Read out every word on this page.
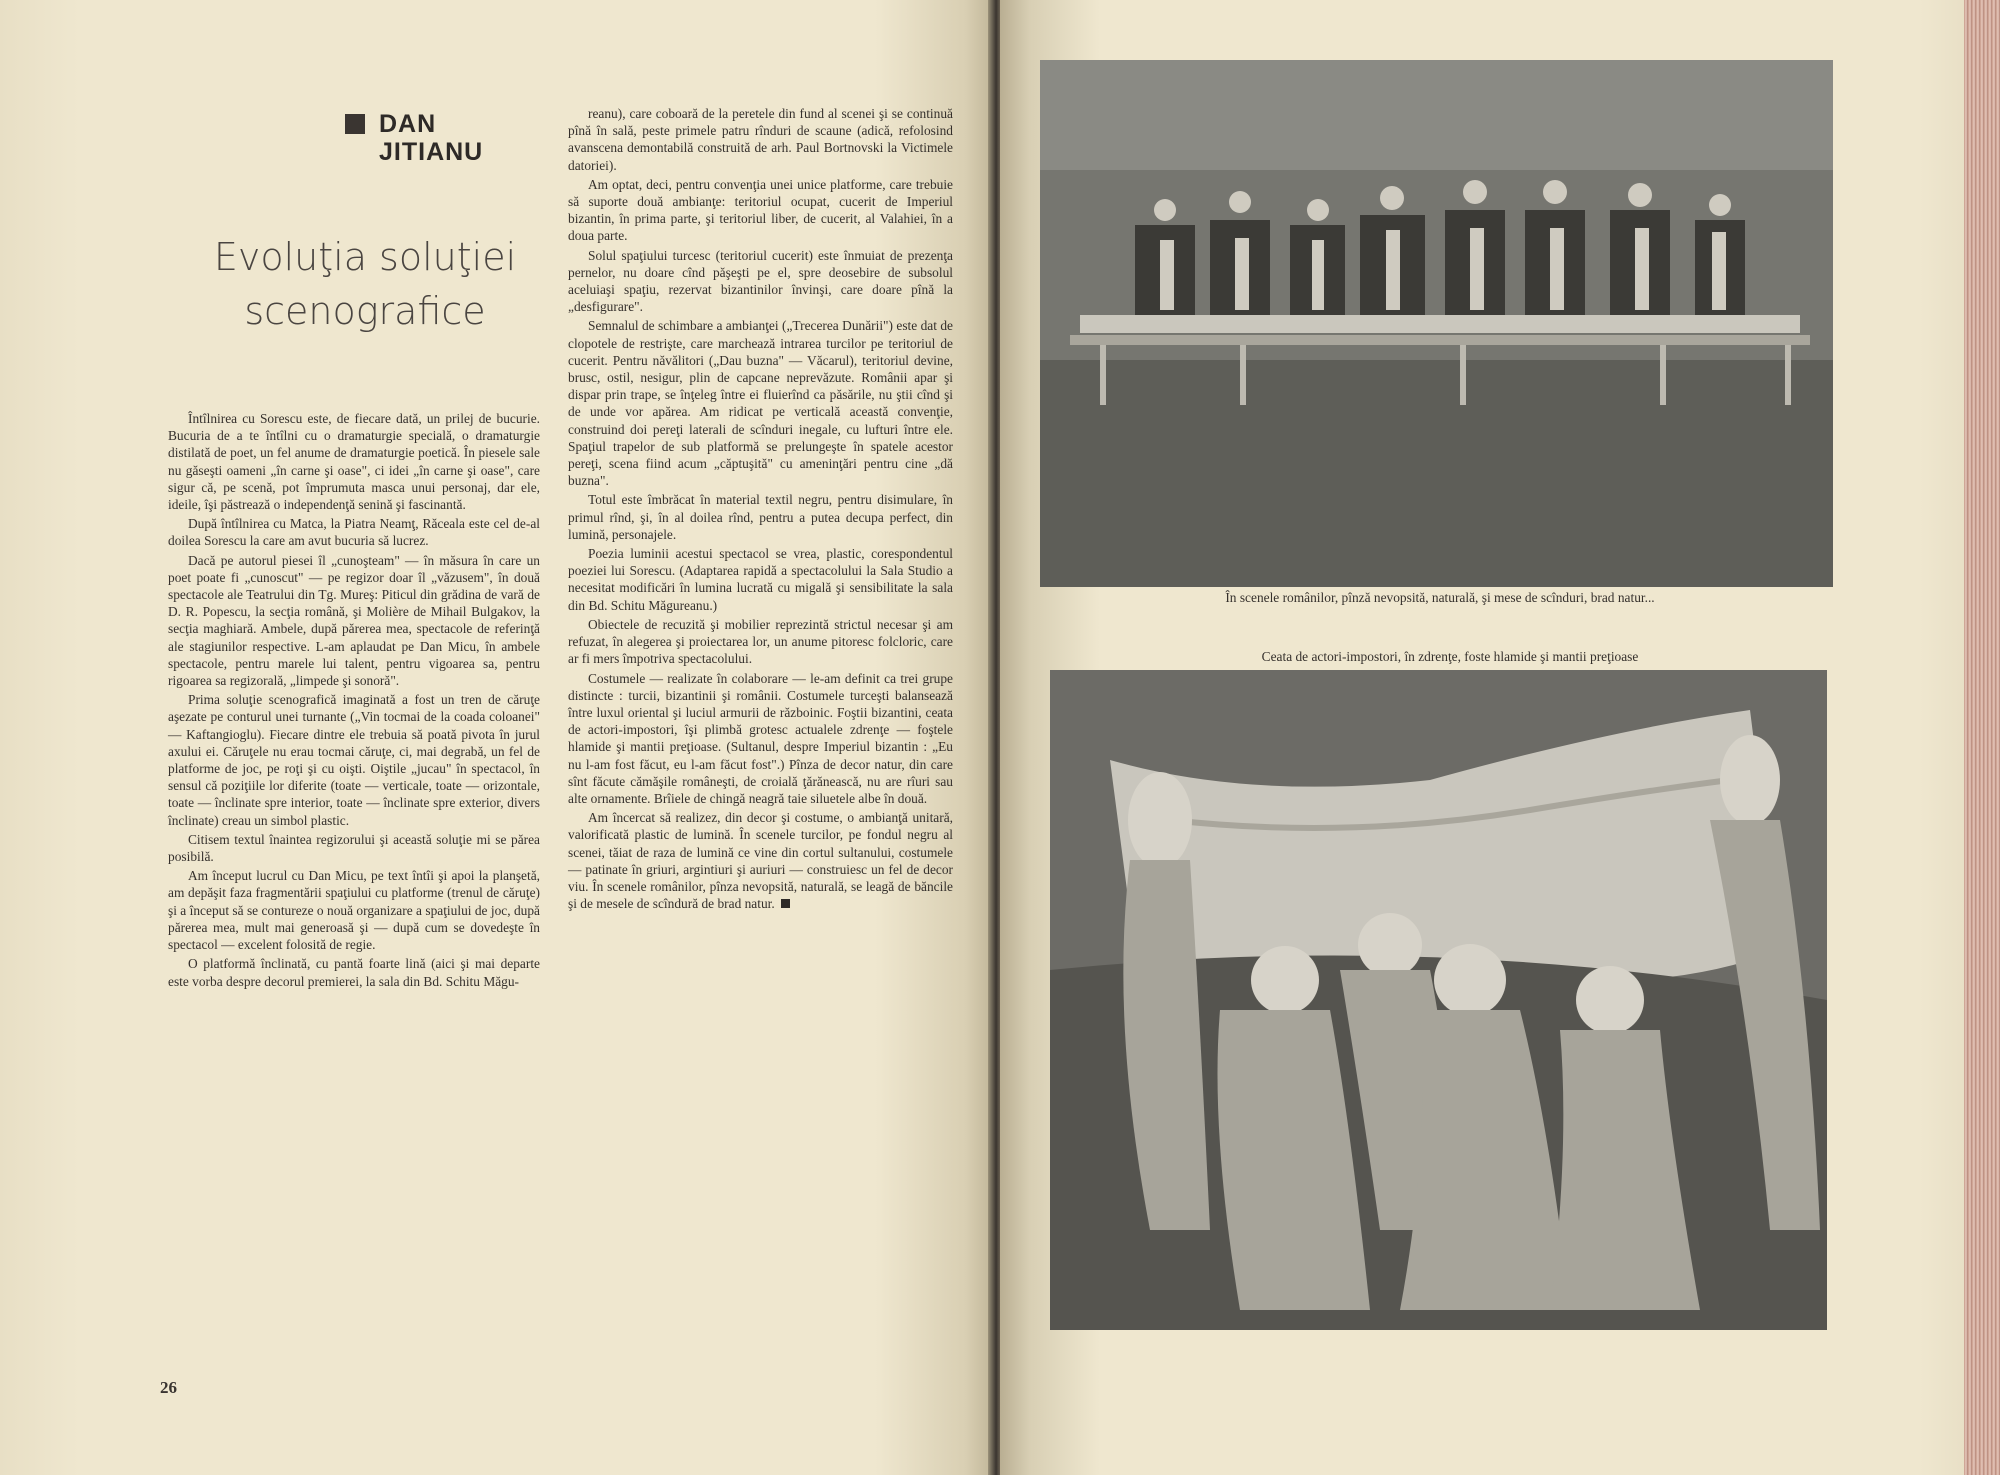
DAN
JITIANU
Evoluţia soluţiei
scenografice

Întîlnirea cu Sorescu este, de fiecare dată, un prilej de bucurie. Bucuria de a te întîlni cu o dramaturgie specială, o dramaturgie distilată de poet, un fel anume de dramaturgie poetică. În piesele sale nu găseşti oameni „în carne şi oase", ci idei „în carne şi oase", care sigur că, pe scenă, pot împrumuta masca unui personaj, dar ele, ideile, îşi păstrează o independenţă senină şi fascinantă.

După întîlnirea cu Matca, la Piatra Neamţ, Răceala este cel de-al doilea Sorescu la care am avut bucuria să lucrez.

Dacă pe autorul piesei îl „cunoşteam" — în măsura în care un poet poate fi „cunoscut" — pe regizor doar îl „văzusem", în două spectacole ale Teatrului din Tg. Mureş: Piticul din grădina de vară de D. R. Popescu, la secţia română, şi Molière de Mihail Bulgakov, la secţia maghiară. Ambele, după părerea mea, spectacole de referinţă ale stagiunilor respective. L-am aplaudat pe Dan Micu, în ambele spectacole, pentru marele lui talent, pentru vigoarea sa, pentru rigoarea sa regizorală, „limpede şi sonoră".

Prima soluţie scenografică imaginată a fost un tren de căruţe aşezate pe conturul unei turnante („Vin tocmai de la coada coloanei" — Kaftangioglu). Fiecare dintre ele trebuia să poată pivota în jurul axului ei. Căruţele nu erau tocmai căruţe, ci, mai degrabă, un fel de platforme de joc, pe roţi şi cu oişti. Oiştile „jucau" în spectacol, în sensul că poziţiile lor diferite (toate — verticale, toate — orizontale, toate — înclinate spre interior, toate — înclinate spre exterior, divers înclinate) creau un simbol plastic.

Citisem textul înaintea regizorului şi aceastǎ soluţie mi se părea posibilă.

Am început lucrul cu Dan Micu, pe text întîi şi apoi la planşetă, am depăşit faza fragmentării spaţiului cu platforme (trenul de căruţe) şi a început să se contureze o nouă organizare a spaţiului de joc, după părerea mea, mult mai generoasă şi — după cum se dovedeşte în spectacol — excelent folosită de regie.

O platformă înclinată, cu pantă foarte lină (aici şi mai departe este vorba despre decorul premierei, la sala din Bd. Schitu Măgu-

reanu), care coboară de la peretele din fund al scenei şi se continuă pînă în sală, peste primele patru rînduri de scaune (adică, refolosind avanscena demontabilă construită de arh. Paul Bortnovski la Victimele datoriei).

Am optat, deci, pentru convenţia unei unice platforme, care trebuie să suporte două ambianţe: teritoriul ocupat, cucerit de Imperiul bizantin, în prima parte, şi teritoriul liber, de cucerit, al Valahiei, în a doua parte.

Solul spaţiului turcesc (teritoriul cucerit) este înmuiat de prezenţa pernelor, nu doare cînd păşeşti pe el, spre deosebire de subsolul aceluiaşi spaţiu, rezervat bizantinilor învinşi, care doare pînă la „desfigurare".

Semnalul de schimbare a ambianţei („Trecerea Dunării") este dat de clopotele de restrişte, care marchează intrarea turcilor pe teritoriul de cucerit. Pentru năvălitori („Dau buzna" — Văcarul), teritoriul devine, brusc, ostil, nesigur, plin de capcane neprevăzute. Românii apar şi dispar prin trape, se înţeleg între ei fluierînd ca păsările, nu ştii cînd şi de unde vor apărea. Am ridicat pe verticală această convenţie, construind doi pereţi laterali de scînduri inegale, cu lufturi între ele. Spaţiul trapelor de sub platformă se prelungeşte în spatele acestor pereţi, scena fiind acum „căptuşită" cu ameninţări pentru cine „dă buzna".

Totul este îmbrăcat în material textil negru, pentru disimulare, în primul rînd, şi, în al doilea rînd, pentru a putea decupa perfect, din lumină, personajele.

Poezia luminii acestui spectacol se vrea, plastic, corespondentul poeziei lui Sorescu. (Adaptarea rapidă a spectacolului la Sala Studio a necesitat modificări în lumina lucrată cu migală şi sensibilitate la sala din Bd. Schitu Măgureanu.)

Obiectele de recuzită şi mobilier reprezintă strictul necesar şi am refuzat, în alegerea şi proiectarea lor, un anume pitoresc folcloric, care ar fi mers împotriva spectacolului.

Costumele — realizate în colaborare — le-am definit ca trei grupe distincte : turcii, bizantinii şi românii. Costumele turceşti balansează între luxul oriental şi luciul armurii de războinic. Foştii bizantini, ceata de actori-impostori, îşi plimbă grotesc actualele zdrenţe — foştele hlamide şi mantii preţioase. (Sultanul, despre Imperiul bizantin : „Eu nu l-am fost făcut, eu l-am făcut fost".) Pînza de decor natur, din care sînt făcute cămăşile româneşti, de croială ţărănească, nu are rîuri sau alte ornamente. Brîiele de chingă neagră taie siluetele albe în două.

Am încercat să realizez, din decor şi costume, o ambianţă unitară, valorificată plastic de lumină. În scenele turcilor, pe fondul negru al scenei, tăiat de raza de lumină ce vine din cortul sultanului, costumele — patinate în griuri, argintiuri şi auriuri — construiesc un fel de decor viu. În scenele românilor, pînza nevopsită, naturală, se leagă de băncile şi de mesele de scîndură de brad natur.

26
În scenele românilor, pînză nevopsită, naturală, şi mese de scînduri, brad natur...
Ceata de actori-impostori, în zdrenţe, foste hlamide şi mantii preţioase
